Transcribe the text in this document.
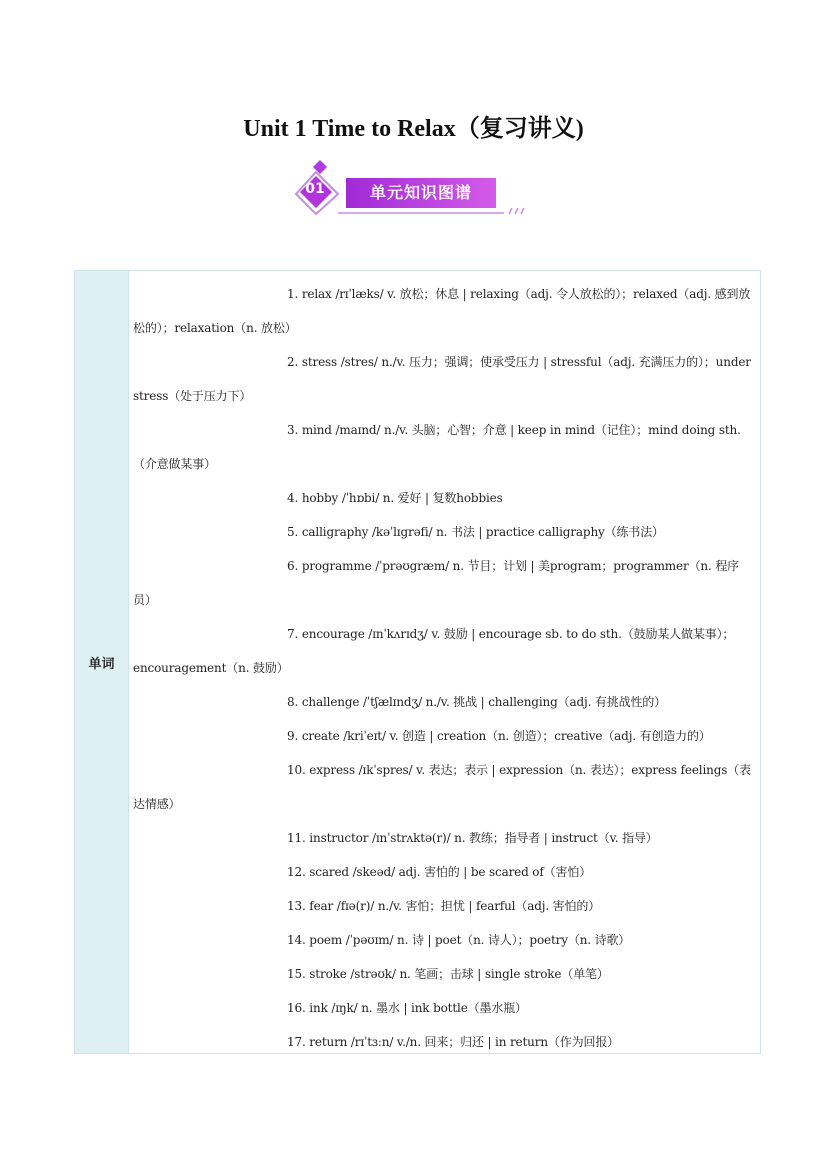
Unit 1 Time to Relax（复习讲义)
01	单元知识图谱
单词

1. relax /rɪˈlæks/ v. 放松；休息 | relaxing（adj. 令人放松的）；relaxed（adj. 感到放松的）；relaxation（n. 放松）

2. stress /stres/ n./v. 压力；强调；使承受压力 | stressful（adj. 充满压力的）；under stress（处于压力下）

3. mind /maɪnd/ n./v. 头脑；心智；介意 | keep in mind（记住）；mind doing sth.（介意做某事）

4. hobby /ˈhɒbi/ n. 爱好 | 复数hobbies

5. calligraphy /kəˈlɪgrəfi/ n. 书法 | practice calligraphy（练书法）

6. programme /ˈprəʊgræm/ n. 节目；计划 | 美program；programmer（n. 程序员）

7. encourage /ɪnˈkʌrɪdʒ/ v. 鼓励 | encourage sb. to do sth.（鼓励某人做某事）；encouragement（n. 鼓励）

8. challenge /ˈtʃælɪndʒ/ n./v. 挑战 | challenging（adj. 有挑战性的）

9. create /kriˈeɪt/ v. 创造 | creation（n. 创造）；creative（adj. 有创造力的）

10. express /ɪkˈspres/ v. 表达；表示 | expression（n. 表达）；express feelings（表达情感）

11. instructor /ɪnˈstrʌktə(r)/ n. 教练；指导者 | instruct（v. 指导）

12. scared /skeəd/ adj. 害怕的 | be scared of（害怕）

13. fear /fɪə(r)/ n./v. 害怕；担忧 | fearful（adj. 害怕的）

14. poem /ˈpəʊɪm/ n. 诗 | poet（n. 诗人）；poetry（n. 诗歌）

15. stroke /strəʊk/ n. 笔画；击球 | single stroke（单笔）

16. ink /ɪŋk/ n. 墨水 | ink bottle（墨水瓶）

17. return /rɪˈtɜːn/ v./n. 回来；归还 | in return（作为回报）
